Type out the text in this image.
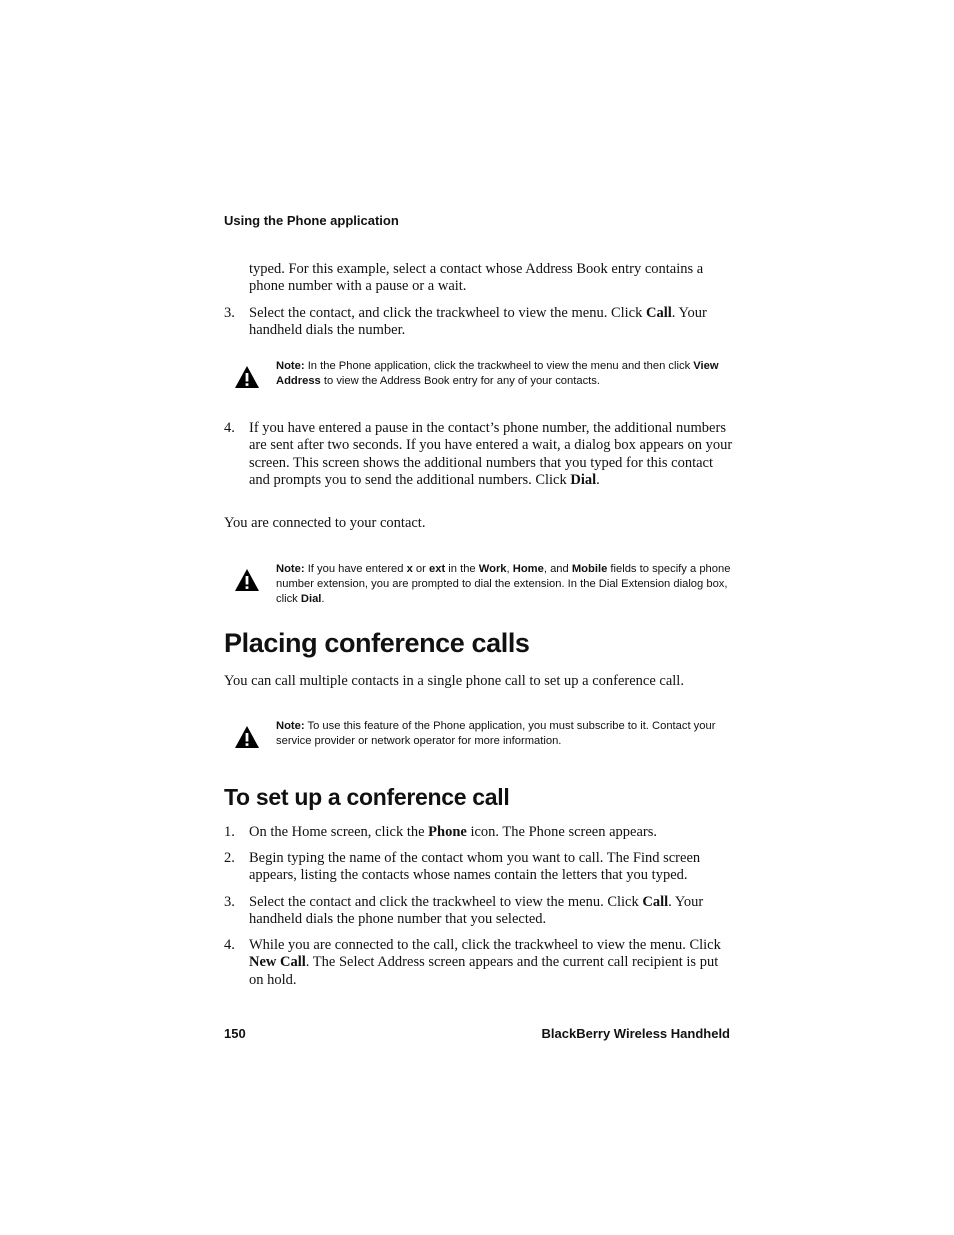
Using the Phone application
typed. For this example, select a contact whose Address Book entry contains a phone number with a pause or a wait.
3. Select the contact, and click the trackwheel to view the menu. Click Call. Your handheld dials the number.
Note: In the Phone application, click the trackwheel to view the menu and then click View Address to view the Address Book entry for any of your contacts.
4. If you have entered a pause in the contact’s phone number, the additional numbers are sent after two seconds. If you have entered a wait, a dialog box appears on your screen. This screen shows the additional numbers that you typed for this contact and prompts you to send the additional numbers. Click Dial.
You are connected to your contact.
Note: If you have entered x or ext in the Work, Home, and Mobile fields to specify a phone number extension, you are prompted to dial the extension. In the Dial Extension dialog box, click Dial.
Placing conference calls
You can call multiple contacts in a single phone call to set up a conference call.
Note: To use this feature of the Phone application, you must subscribe to it. Contact your service provider or network operator for more information.
To set up a conference call
1. On the Home screen, click the Phone icon. The Phone screen appears.
2. Begin typing the name of the contact whom you want to call. The Find screen appears, listing the contacts whose names contain the letters that you typed.
3. Select the contact and click the trackwheel to view the menu. Click Call. Your handheld dials the phone number that you selected.
4. While you are connected to the call, click the trackwheel to view the menu. Click New Call. The Select Address screen appears and the current call recipient is put on hold.
150	BlackBerry Wireless Handheld
